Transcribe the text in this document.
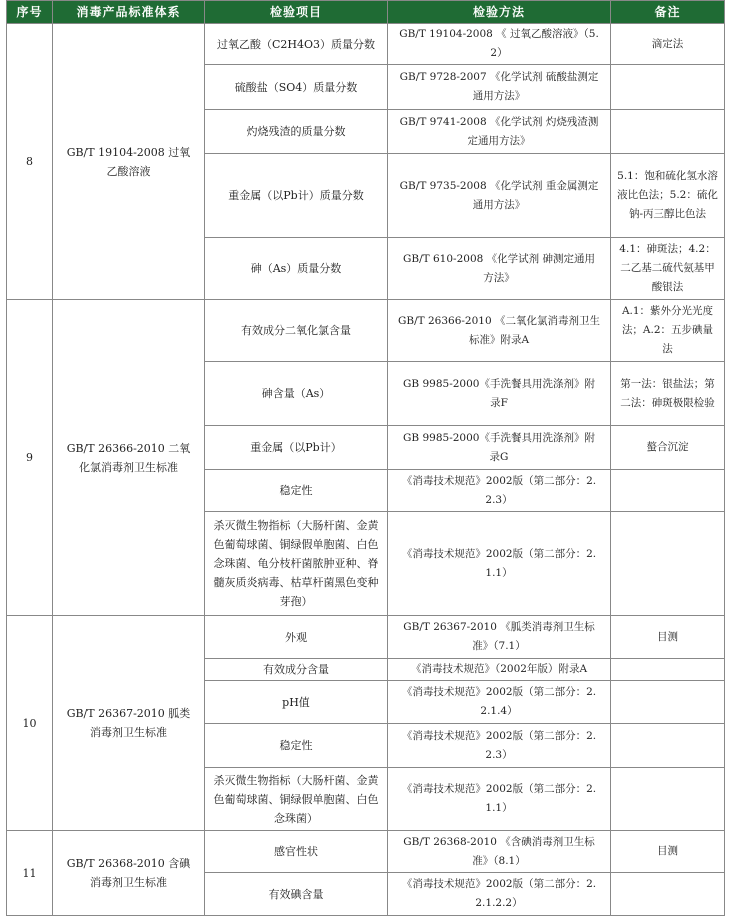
序号	消毒产品标准体系	检验项目	检验方法	备注
8	GB/T 19104-2008 过氧乙酸溶液	过氧乙酸（C2H4O3）质量分数	GB/T 19104-2008 《 过氧乙酸溶液》（5.2）	滴定法
		硫酸盐（SO4）质量分数	GB/T 9728-2007 《化学试剂 硫酸盐测定通用方法》	
		灼烧残渣的质量分数	GB/T 9741-2008 《化学试剂 灼烧残渣测定通用方法》	
		重金属（以Pb计）质量分数	GB/T 9735-2008 《化学试剂 重金属测定通用方法》	5.1：饱和硫化氢水溶液比色法；5.2：硫化钠-丙三醇比色法
		砷（As）质量分数	GB/T 610-2008 《化学试剂 砷测定通用方法》	4.1：砷斑法；4.2：二乙基二硫代氨基甲酸银法
9	GB/T 26366-2010 二氧化氯消毒剂卫生标准	有效成分二氧化氯含量	GB/T 26366-2010 《二氧化氯消毒剂卫生标准》附录A	A.1：紫外分光光度法；A.2：五步碘量法
		砷含量（As）	GB 9985-2000《手洗餐具用洗涤剂》附录F	第一法：银盐法；第二法：砷斑极限检验
		重金属（以Pb计）	GB 9985-2000《手洗餐具用洗涤剂》附录G	螯合沉淀
		稳定性	《消毒技术规范》2002版（第二部分：2.2.3）	
		杀灭微生物指标（大肠杆菌、金黄色葡萄球菌、铜绿假单胞菌、白色念珠菌、龟分枝杆菌脓肿亚种、脊髓灰质炎病毒、枯草杆菌黑色变种芽孢）	《消毒技术规范》2002版（第二部分：2.1.1）	
10	GB/T 26367-2010 胍类消毒剂卫生标准	外观	GB/T 26367-2010 《胍类消毒剂卫生标准》（7.1）	目测
		有效成分含量	《消毒技术规范》（2002年版）附录A	
		pH值	《消毒技术规范》2002版（第二部分：2.2.1.4）	
		稳定性	《消毒技术规范》2002版（第二部分：2.2.3）	
		杀灭微生物指标（大肠杆菌、金黄色葡萄球菌、铜绿假单胞菌、白色念珠菌）	《消毒技术规范》2002版（第二部分：2.1.1）	
11	GB/T 26368-2010 含碘消毒剂卫生标准	感官性状	GB/T 26368-2010 《含碘消毒剂卫生标准》（8.1）	目测
		有效碘含量	《消毒技术规范》2002版（第二部分：2.2.1.2.2）	
